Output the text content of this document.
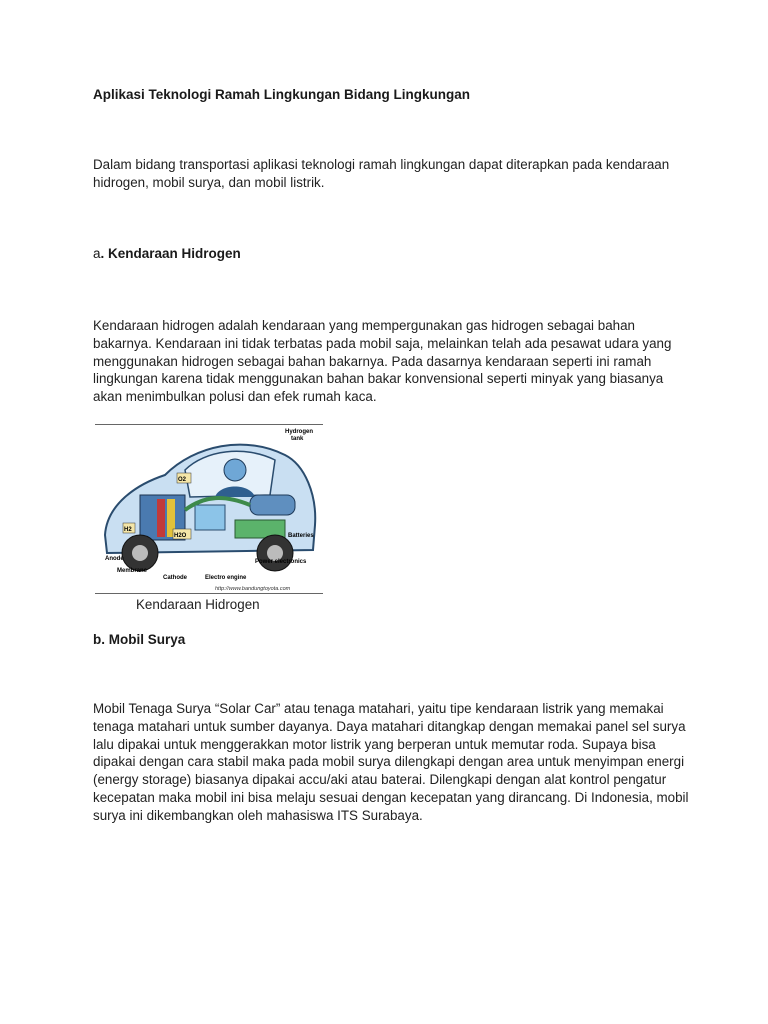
Aplikasi Teknologi Ramah Lingkungan Bidang Lingkungan

Dalam bidang transportasi aplikasi teknologi ramah lingkungan dapat diterapkan pada kendaraan hidrogen, mobil surya, dan mobil listrik.

a. Kendaraan Hidrogen

Kendaraan hidrogen adalah kendaraan yang mempergunakan gas hidrogen sebagai bahan bakarnya. Kendaraan ini tidak terbatas pada mobil saja, melainkan telah ada pesawat udara yang menggunakan hidrogen sebagai bahan bakarnya. Pada dasarnya kendaraan seperti ini ramah lingkungan karena tidak menggunakan bahan bakar konvensional seperti minyak yang biasanya akan menimbulkan polusi dan efek rumah kaca.

O2
H2
H2O
Hydrogen
tank
Batteries
Power electronics
Electro engine
Cathode
Membrane
Anode
http://www.bandungtoyota.com
Kendaraan Hidrogen
b. Mobil Surya

Mobil Tenaga Surya “Solar Car” atau tenaga matahari, yaitu tipe kendaraan listrik yang memakai tenaga matahari untuk sumber dayanya. Daya matahari ditangkap dengan memakai panel sel surya lalu dipakai untuk menggerakkan motor listrik yang berperan untuk memutar roda. Supaya bisa dipakai dengan cara stabil maka pada mobil surya dilengkapi dengan area untuk menyimpan energi (energy storage) biasanya dipakai accu/aki atau baterai. Dilengkapi dengan alat kontrol pengatur kecepatan maka mobil ini bisa melaju sesuai dengan kecepatan yang dirancang. Di Indonesia, mobil surya ini dikembangkan oleh mahasiswa ITS Surabaya.
